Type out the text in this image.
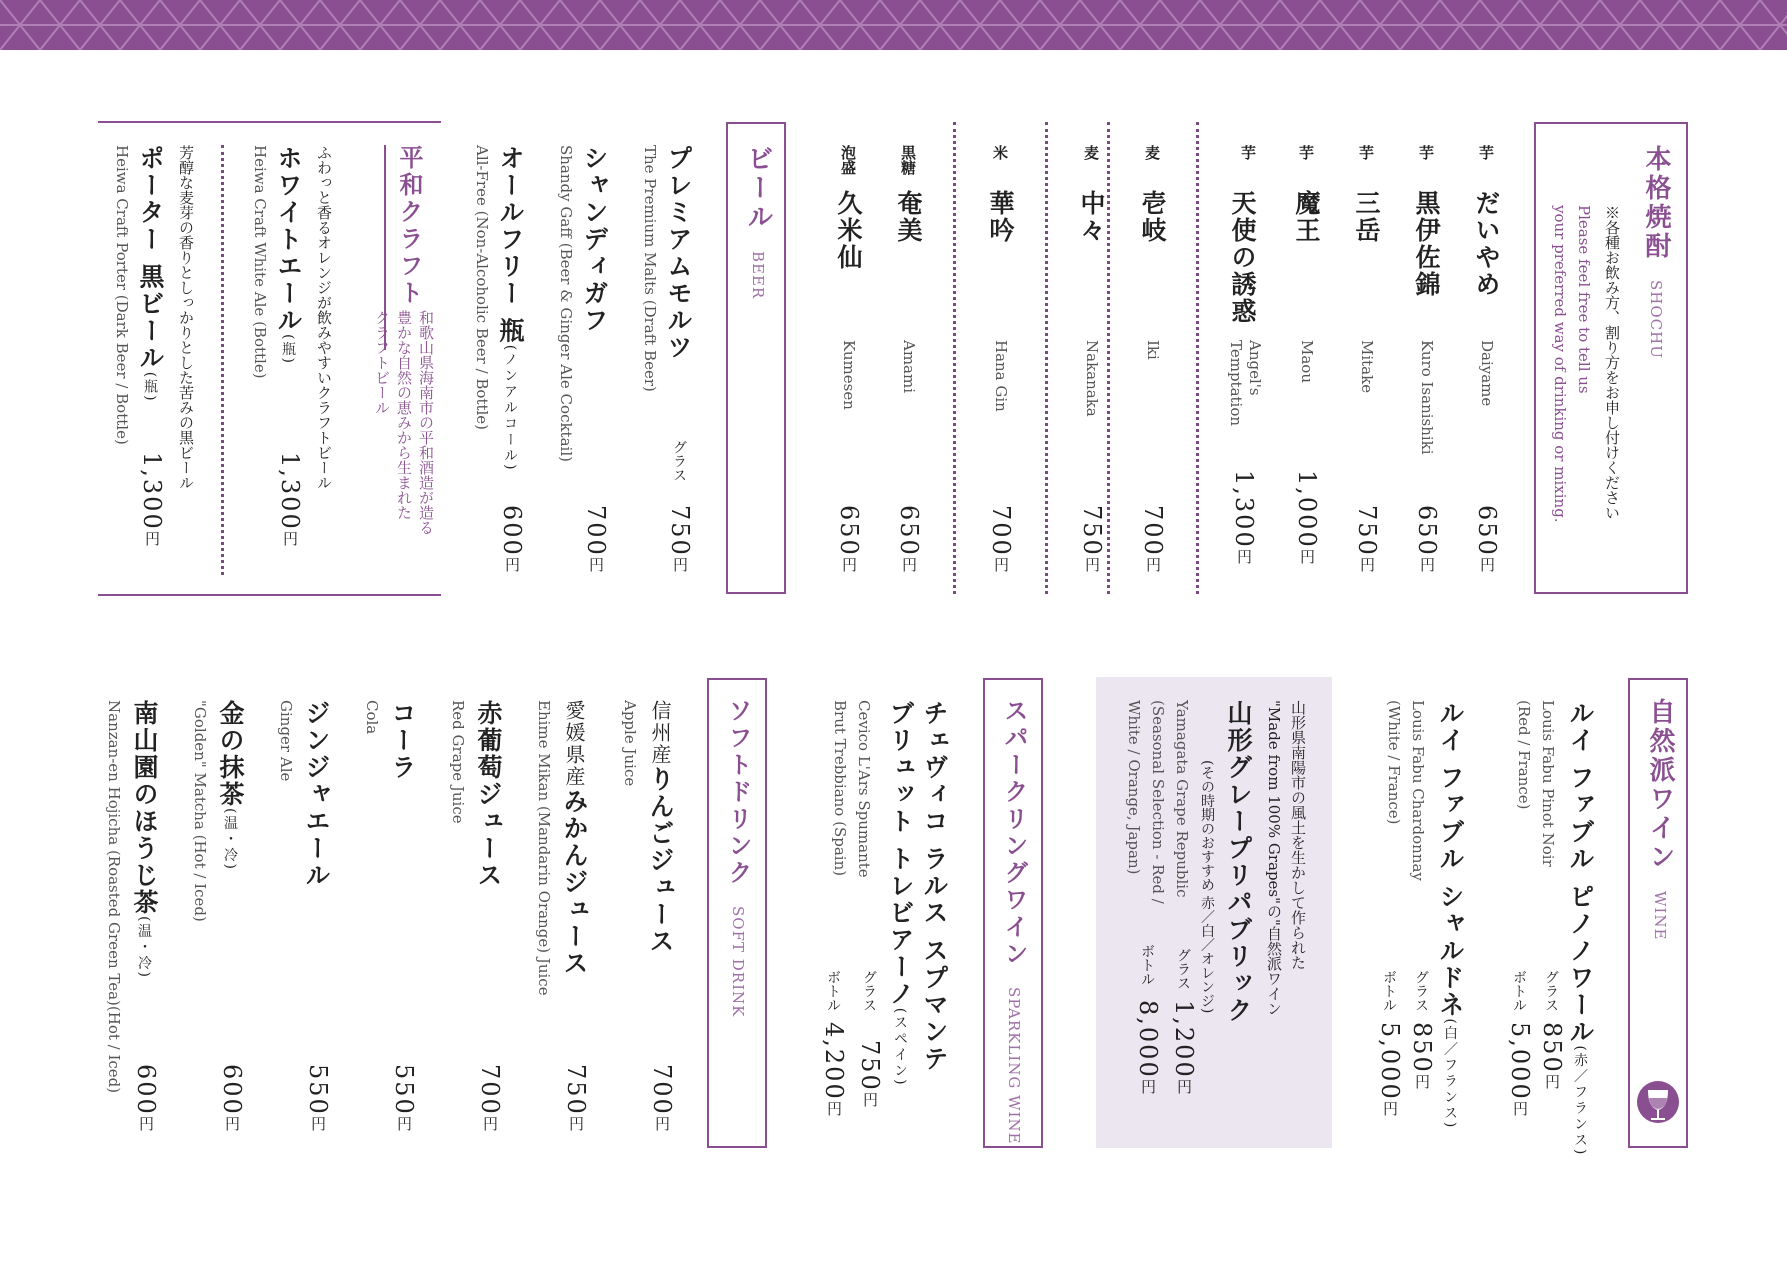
本格焼酎 SHOCHU
※各種お飲み方、割り方をお申し付けください
Please feel free to tell us
your preferred way of drinking or mixing.
芋
だいやめ
Daiyame
650円
芋
黒伊佐錦
Kuro Isanishiki
650円
芋
三岳
Mitake
750円
芋
魔王
Maou
1,000円
芋
天使の誘惑
Angel's
Temptation
1,300円
麦
壱岐
Iki
700円
麦
中々
Nakanaka
750円
米
華吟
Hana Gin
700円
黒糖
奄美
Amami
650円
泡盛
久米仙
Kumesen
650円
ビール BEER
プレミアムモルツ
The Premium Malts (Draft Beer)
グラス
750円
シャンディガフ
Shandy Gaff (Beer & Ginger Ale Cocktail)
700円
オールフリー 瓶(ノンアルコール)
All-Free (Non-Alcoholic Beer / Bottle)
600円
平和クラフト
和歌山県海南市の平和酒造が造る
豊かな自然の恵みから生まれた
クラフトビール
ふわっと香るオレンジが飲みやすいクラフトビール
ホワイトエール(瓶)
Heiwa Craft White Ale (Bottle)
1,300円
芳醇な麦芽の香りとしっかりとした苦みの黒ビール
ポーター 黒ビール(瓶)
Heiwa Craft Porter (Dark Beer / Bottle)
1,300円
自然派ワイン WINE
ルイ ファブル ピノノワール(赤／フランス)
Louis Fabu Pinot Noir
(Red / France)
グラス
850円
ボトル
5,000円
ルイ ファブル シャルドネ(白／フランス)
Louis Fabu Chardonnay
(White / France)
グラス
850円
ボトル
5,000円
山形県南陽市の風土を生かして作られた
"Made from 100% Grapes"の"自然派ワイン
山形グレープリパブリック
(その時期のおすすめ 赤／白／オレンジ)
Yamagata Grape Republic
(Seasonal Selection - Red /
White / Orange, Japan)
グラス
1,200円
ボトル
8,000円
スパークリングワイン SPARKLING WINE
チェヴィコ ラルス スプマンテ
ブリュット トレビアーノ(スペイン)
Cevico L'Ars Spumante
Brut Trebbiano (Spain)
グラス
750円
ボトル
4,200円
ソフトドリンク SOFT DRINK
信州産りんごジュース
Apple Juice
700円
愛媛県産みかんジュース
Ehime Mikan (Mandarin Orange) Juice
750円
赤葡萄ジュース
Red Grape Juice
700円
コーラ
Cola
550円
ジンジャエール
Ginger Ale
550円
金の抹茶(温・冷)
"Golden" Matcha (Hot / Iced)
600円
南山園のほうじ茶(温・冷)
Nanzan-en Hojicha (Roasted Green Tea)(Hot / Iced) 600円
